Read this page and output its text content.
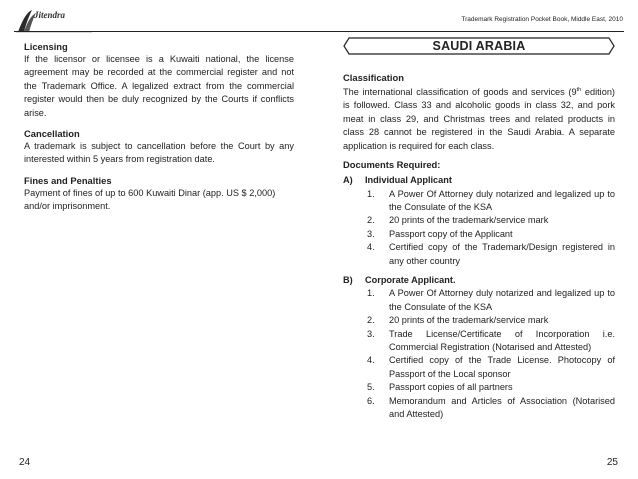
Jitendra	Trademark Registration Pocket Book, Middle East, 2010
Licensing

If the licensor or licensee is a Kuwaiti national, the license agreement may be recorded at the commercial register and not the Trademark Office. A legalized extract from the commercial register would then be duly recognized by the Courts if conflicts arise.

Cancellation

A trademark is subject to cancellation before the Court by any interested within 5 years from registration date.

Fines and Penalties

Payment of fines of up to 600 Kuwaiti Dinar (app. US $ 2,000) and/or imprisonment.

SAUDI ARABIA
Classification

The international classification of goods and services (9th edition) is followed. Class 33 and alcoholic goods in class 32, and pork meat in class 29, and Christmas trees and related products in class 28 cannot be registered in the Saudi Arabia. A separate application is required for each class.

Documents Required:
A)	Individual Applicant
1.	A Power Of Attorney duly notarized and legalized up to the Consulate of the KSA
2.	20 prints of the trademark/service mark
3.	Passport copy of the Applicant
4.	Certified copy of the Trademark/Design registered in any other country
B)	Corporate Applicant.
1.	A Power Of Attorney duly notarized and legalized up to the Consulate of the KSA
2.	20 prints of the trademark/service mark
3.	Trade License/Certificate of Incorporation i.e. Commercial Registration (Notarised and Attested)
4.	Certified copy of the Trade License. Photocopy of Passport of the Local sponsor
5.	Passport copies of all partners
6.	Memorandum and Articles of Association (Notarised and Attested)
24	25
